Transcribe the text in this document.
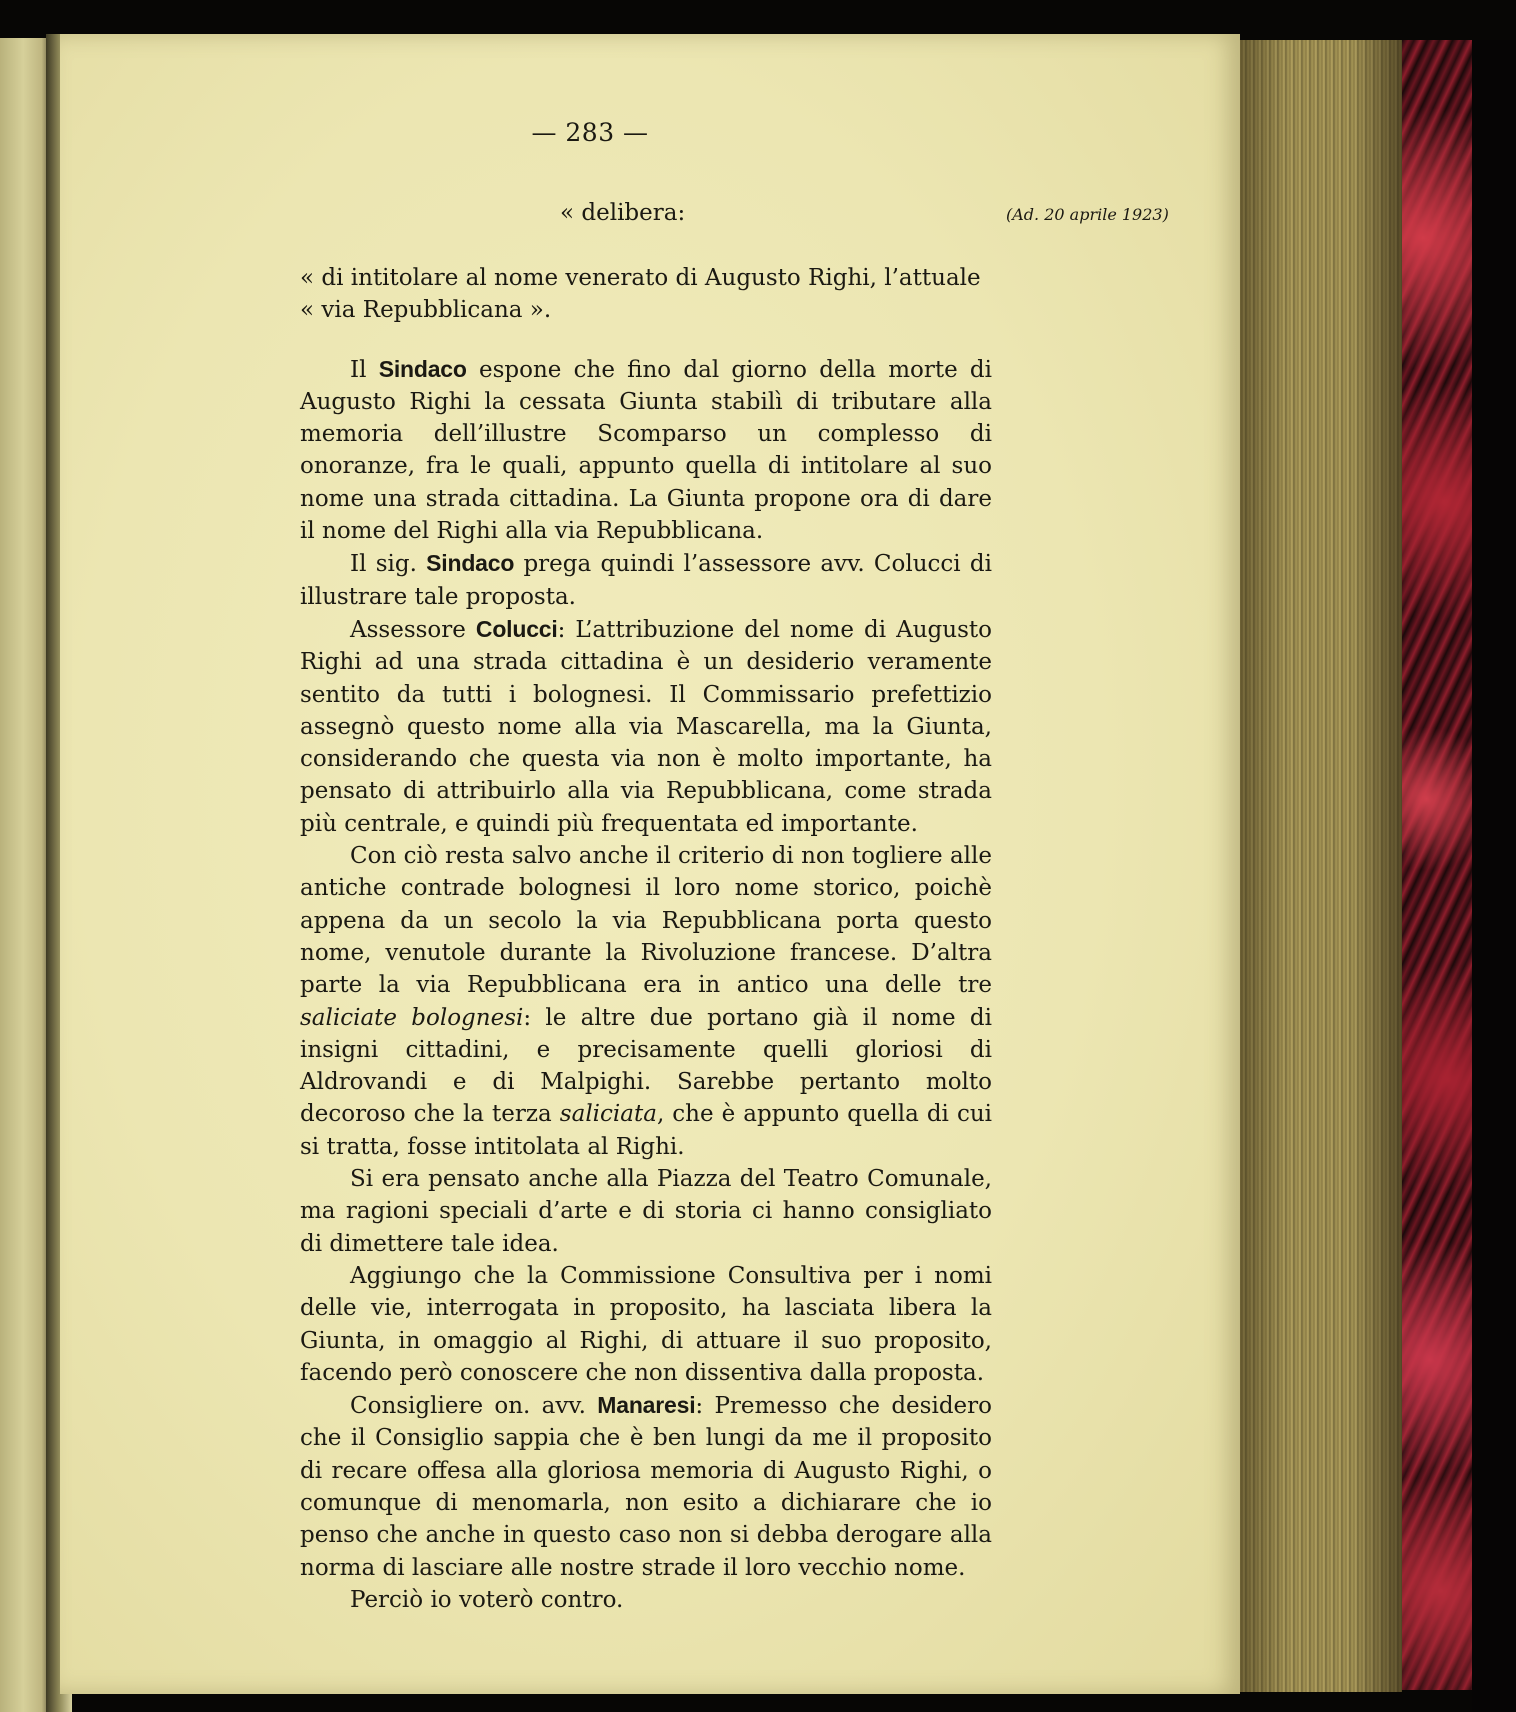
— 283 —
« delibera:	(Ad. 20 aprile 1923)

« di intitolare al nome venerato di Augusto Righi, l’attuale

« via Repubblicana ».

Il Sindaco espone che fino dal giorno della morte di Augusto Righi la cessata Giunta stabilì di tributare alla memoria dell’illustre Scomparso un complesso di onoranze, fra le quali, appunto quella di intitolare al suo nome una strada cittadina. La Giunta propone ora di dare il nome del Righi alla via Repubblicana.

Il sig. Sindaco prega quindi l’assessore avv. Colucci di illustrare tale proposta.

Assessore Colucci: L’attribuzione del nome di Augusto Righi ad una strada cittadina è un desiderio veramente sentito da tutti i bolognesi. Il Commissario prefettizio assegnò questo nome alla via Mascarella, ma la Giunta, considerando che questa via non è molto importante, ha pensato di attribuirlo alla via Repubblicana, come strada più centrale, e quindi più frequentata ed importante.

Con ciò resta salvo anche il criterio di non togliere alle antiche contrade bolognesi il loro nome storico, poichè appena da un secolo la via Repubblicana porta questo nome, venutole durante la Rivoluzione francese. D’altra parte la via Repubblicana era in antico una delle tre saliciate bolognesi: le altre due portano già il nome di insigni cittadini, e precisamente quelli gloriosi di Aldrovandi e di Malpighi. Sarebbe pertanto molto decoroso che la terza saliciata, che è appunto quella di cui si tratta, fosse intitolata al Righi.

Si era pensato anche alla Piazza del Teatro Comunale, ma ragioni speciali d’arte e di storia ci hanno consigliato di dimettere tale idea.

Aggiungo che la Commissione Consultiva per i nomi delle vie, interrogata in proposito, ha lasciata libera la Giunta, in omaggio al Righi, di attuare il suo proposito, facendo però conoscere che non dissentiva dalla proposta.

Consigliere on. avv. Manaresi: Premesso che desidero che il Consiglio sappia che è ben lungi da me il proposito di recare offesa alla gloriosa memoria di Augusto Righi, o comunque di menomarla, non esito a dichiarare che io penso che anche in questo caso non si debba derogare alla norma di lasciare alle nostre strade il loro vecchio nome.

Perciò io voterò contro.
